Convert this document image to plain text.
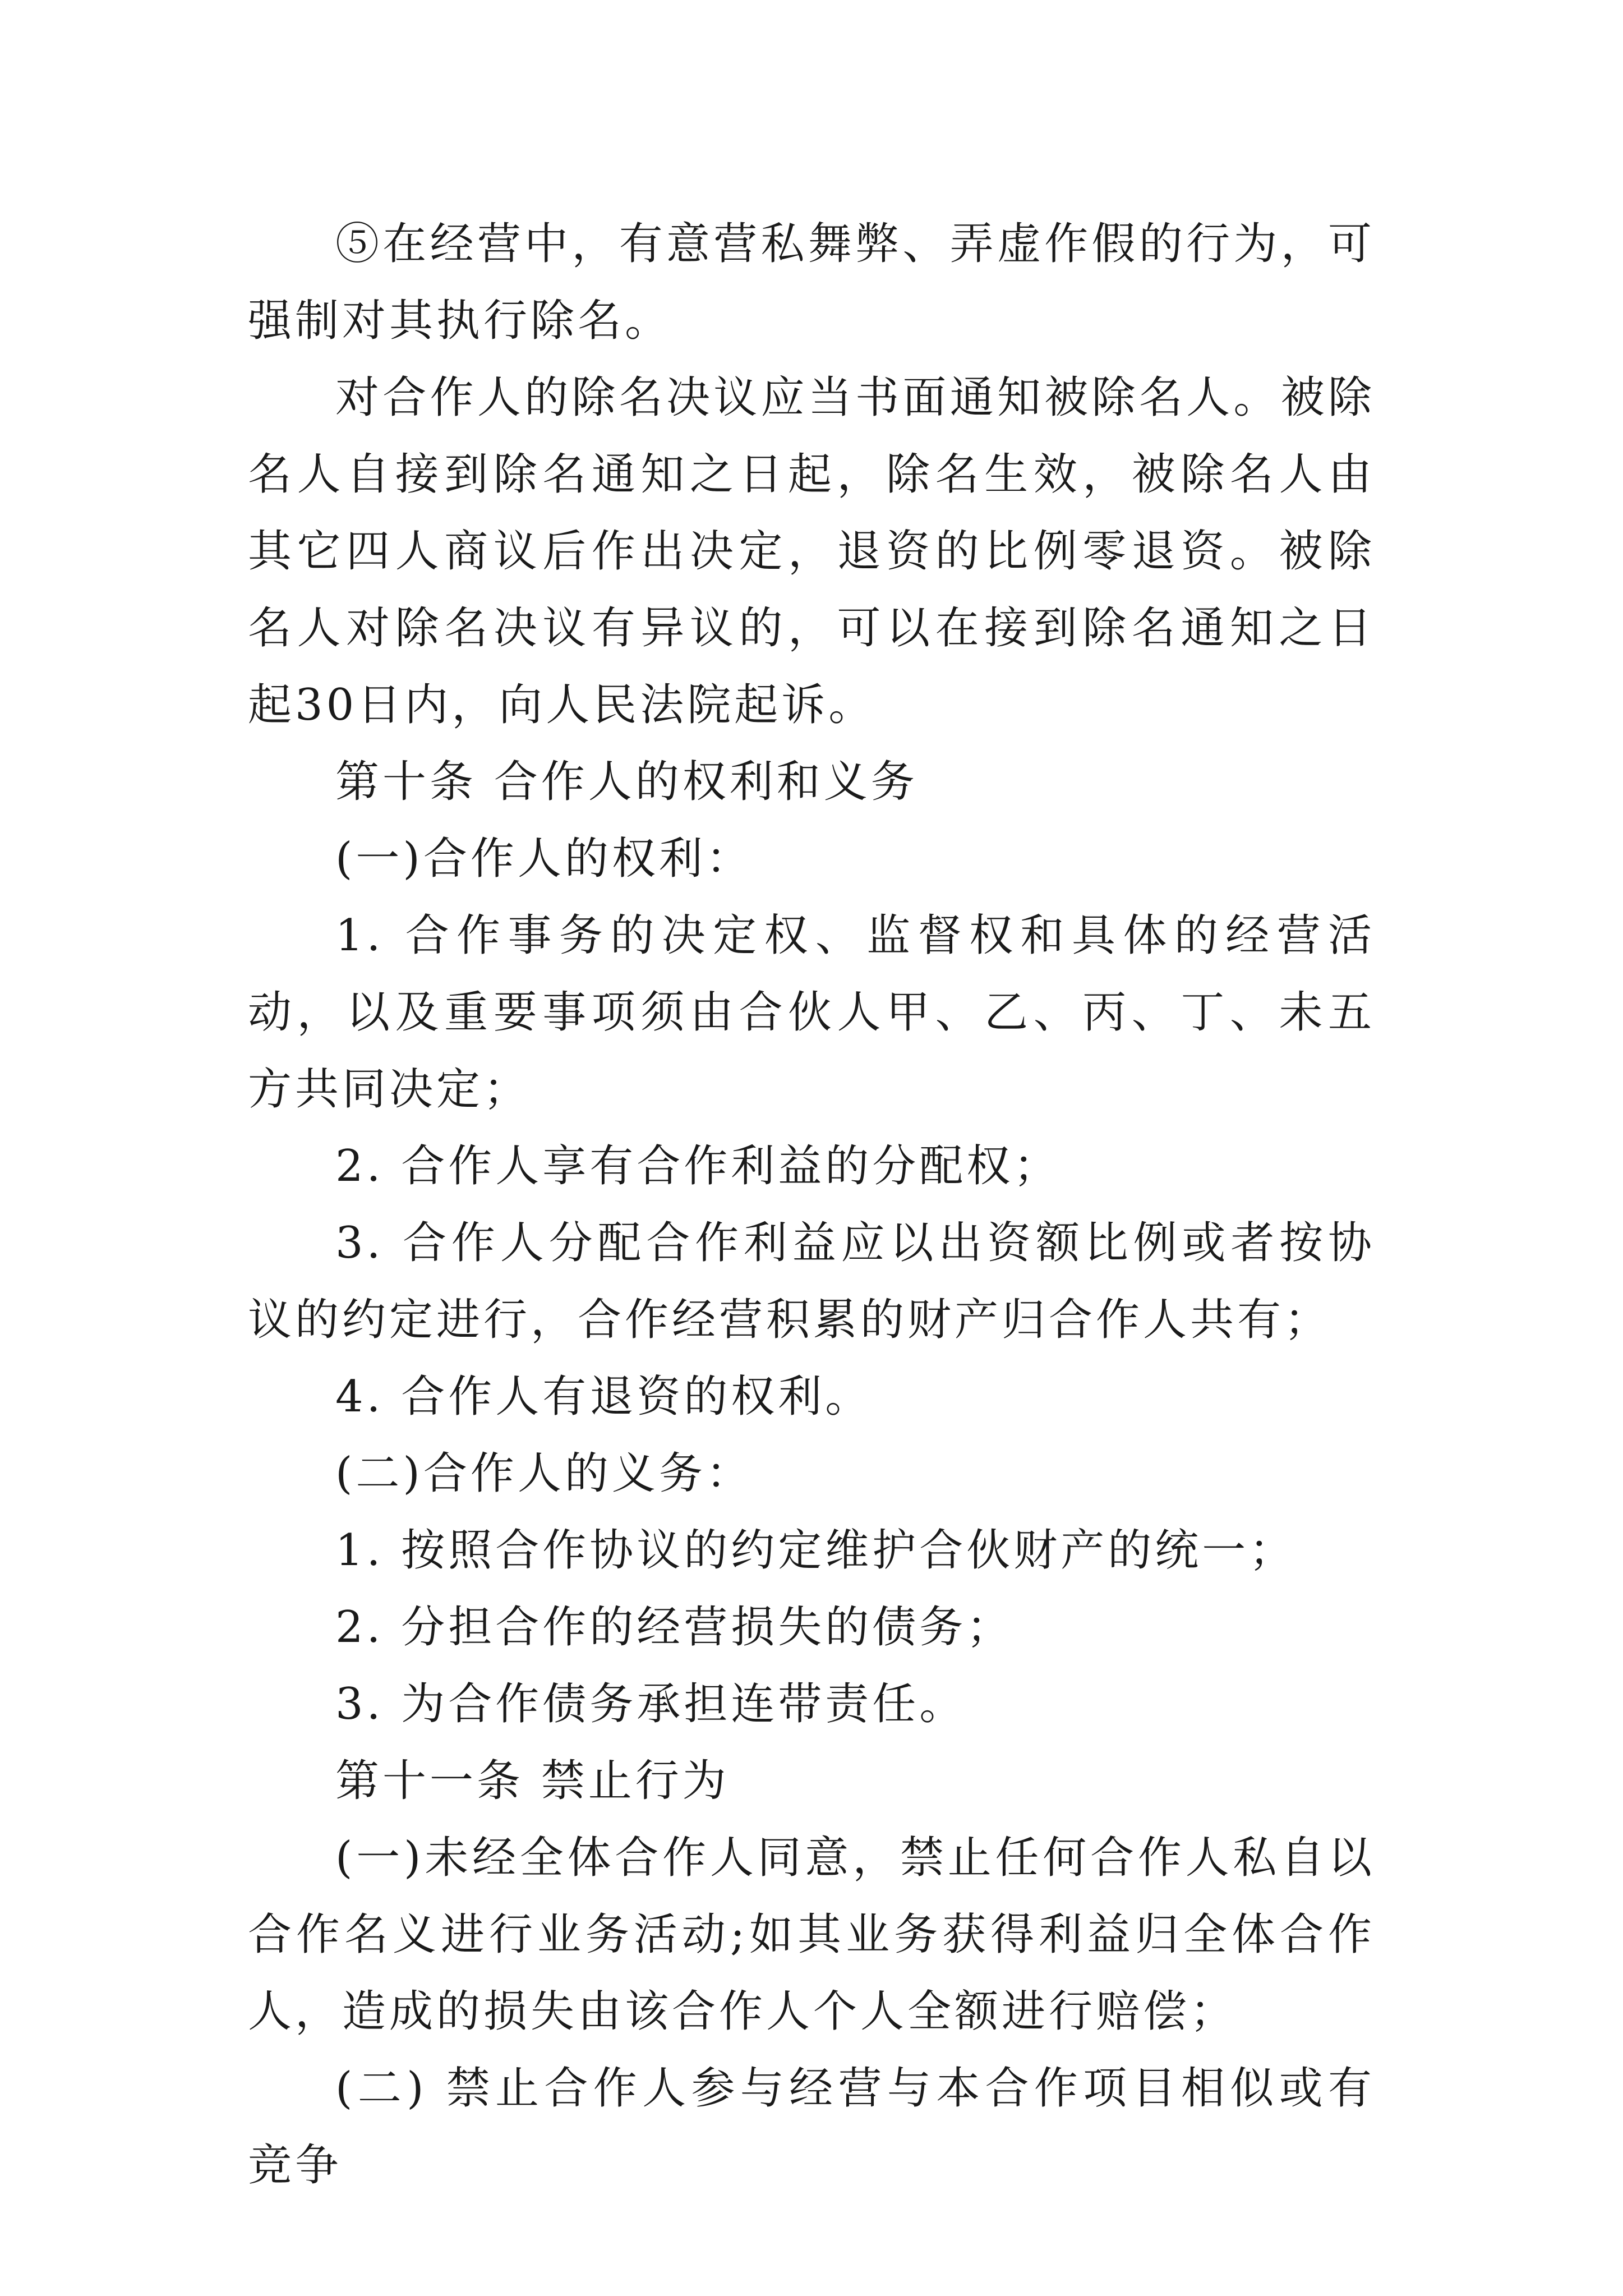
⑤在经营中，有意营私舞弊、弄虚作假的行为，可强制对其执行除名。

对合作人的除名决议应当书面通知被除名人。被除名人自接到除名通知之日起，除名生效，被除名人由其它四人商议后作出决定，退资的比例零退资。被除名人对除名决议有异议的，可以在接到除名通知之日起30日内，向人民法院起诉。

第十条 合作人的权利和义务

(一)合作人的权利：

1. 合作事务的决定权、监督权和具体的经营活动，以及重要事项须由合伙人甲、乙、丙、丁、未五方共同决定；

2. 合作人享有合作利益的分配权；

3. 合作人分配合作利益应以出资额比例或者按协议的约定进行，合作经营积累的财产归合作人共有；

4. 合作人有退资的权利。

(二)合作人的义务：

1. 按照合作协议的约定维护合伙财产的统一；

2. 分担合作的经营损失的债务；

3. 为合作债务承担连带责任。

第十一条 禁止行为

(一)未经全体合作人同意，禁止任何合作人私自以合作名义进行业务活动;如其业务获得利益归全体合作人，造成的损失由该合作人个人全额进行赔偿；

(二) 禁止合作人参与经营与本合作项目相似或有竞争
